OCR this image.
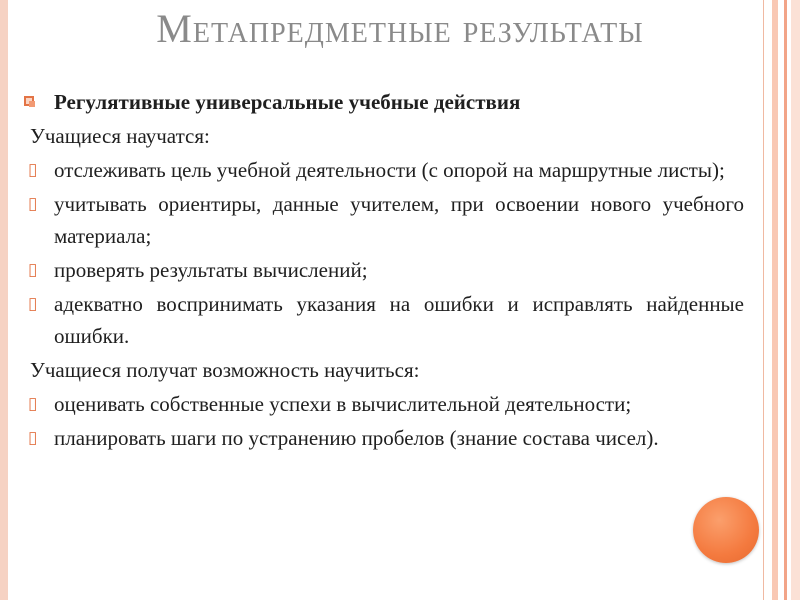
Метапредметные результаты
Регулятивные универсальные учебные действия
Учащиеся научатся:
▯ отслеживать цель учебной деятельности (с опорой на маршрутные листы);
▯ учитывать ориентиры, данные учителем, при освоении нового учебного материала;
▯ проверять результаты вычислений;
▯ адекватно воспринимать указания на ошибки и исправлять найденные ошибки.
Учащиеся получат возможность научиться:
▯ оценивать собственные успехи в вычислительной деятельности;
▯ планировать шаги по устранению пробелов (знание состава чисел).
